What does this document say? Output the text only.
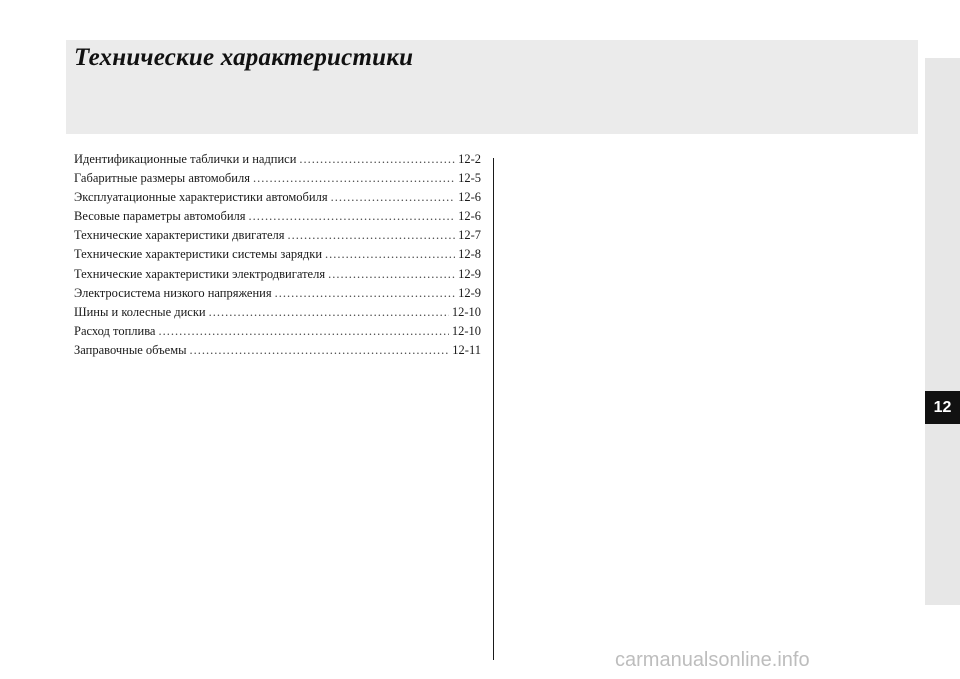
Технические характеристики
12
Идентификационные таблички и надписи .....	12-2
Габаритные размеры автомобиля .....	12-5
Эксплуатационные характеристики автомобиля .....	12-6
Весовые параметры автомобиля .....	12-6
Технические характеристики двигателя .....	12-7
Технические характеристики системы зарядки .....	12-8
Технические характеристики электродвигателя .....	12-9
Электросистема низкого напряжения .....	12-9
Шины и колесные диски .....	12-10
Расход топлива .....	12-10
Заправочные объемы .....	12-11
carmanualsonline.info
